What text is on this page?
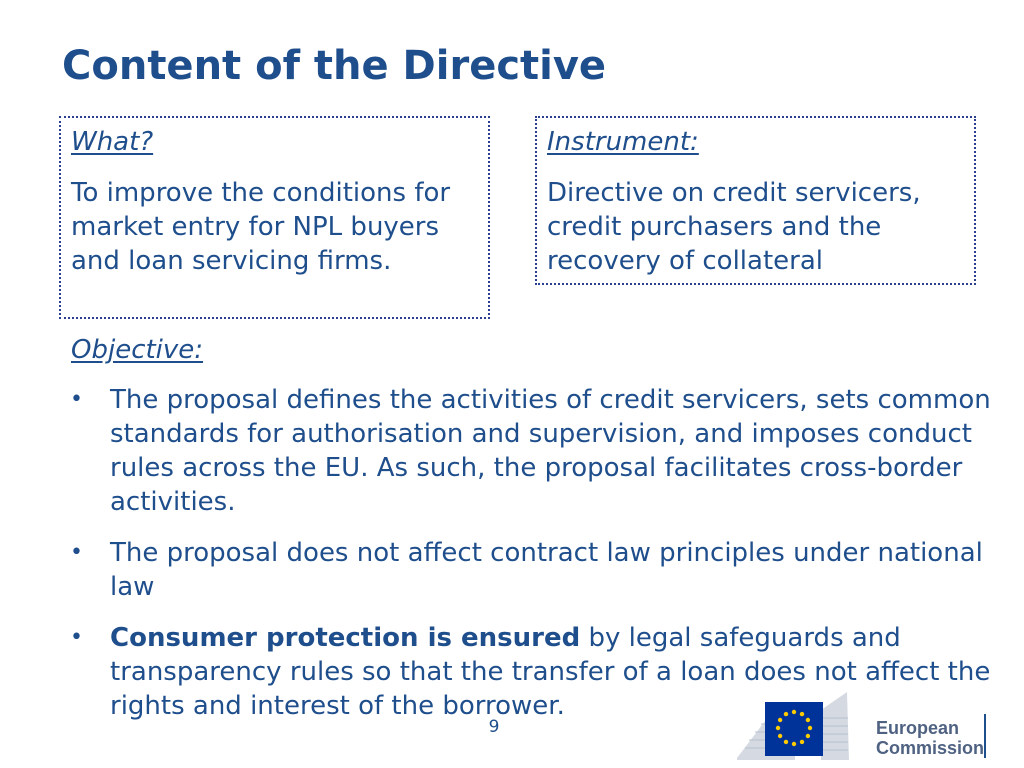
Content of the Directive
What?
To improve the conditions for market entry for NPL buyers and loan servicing firms.
Instrument:
Directive on credit servicers, credit purchasers and the recovery of collateral
Objective:
• The proposal defines the activities of credit servicers, sets common standards for authorisation and supervision, and imposes conduct rules across the EU. As such, the proposal facilitates cross-border activities.
• The proposal does not affect contract law principles under national law
• Consumer protection is ensured by legal safeguards and transparency rules so that the transfer of a loan does not affect the rights and interest of the borrower.
9	European
Commission
